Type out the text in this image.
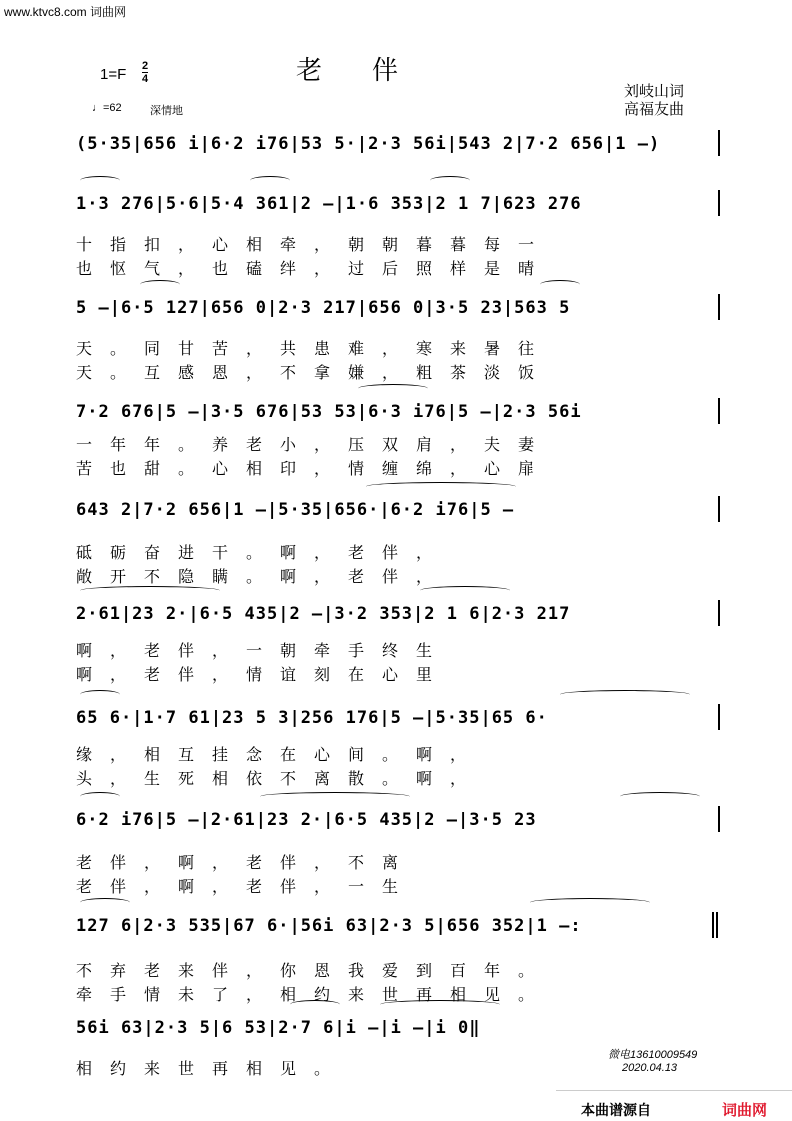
www.ktvc8.com 词曲网
老伴
1=F 2
4
♩=62	深情地
刘岐山词
高福友曲
(5·35|656 i|6·2 i76|53 5·|2·3 56i|543 2|7·2 656|1 –)
1·3 276|5·6|5·4 361|2 –|1·6 353|2 1 7|623 276
十指扣，心相牵，朝朝暮暮每一
也怄气，也磕绊，过后照样是晴
5 –|6·5 127|656 0|2·3 217|656 0|3·5 23|563 5
天。同甘苦，共患难，寒来暑往
天。互感恩，不拿嫌，粗茶淡饭
7·2 676|5 –|3·5 676|53 53|6·3 i76|5 –|2·3 56i
一年年。养老小，压双肩，夫妻
苦也甜。心相印，情缠绵，心扉
643 2|7·2 656|1 –|5·35|656·|6·2 i76|5 –
砥砺奋进干。啊，老伴，
敞开不隐瞒。啊，老伴，
2·61|23 2·|6·5 435|2 –|3·2 353|2 1 6|2·3 217
啊，老伴，一朝牵手终生
啊，老伴，情谊刻在心里
65 6·|1·7 61|23 5 3|256 176|5 –|5·35|65 6·
缘，相互挂念在心间。啊，
头，生死相依不离散。啊，
6·2 i76|5 –|2·61|23 2·|6·5 435|2 –|3·5 23
老伴，啊，老伴，不离
老伴，啊，老伴，一生
127 6|2·3 535|67 6·|56i 63|2·3 5|656 352|1 –:
不弃老来伴，你恩我爱到百年。
牵手情未了，相约来世再相见。
56i 63|2·3 5|6 53|2·7 6|i –|i –|i 0‖
相约来世再相见。
微电13610009549
2020.04.13
本曲谱源自	词曲网
